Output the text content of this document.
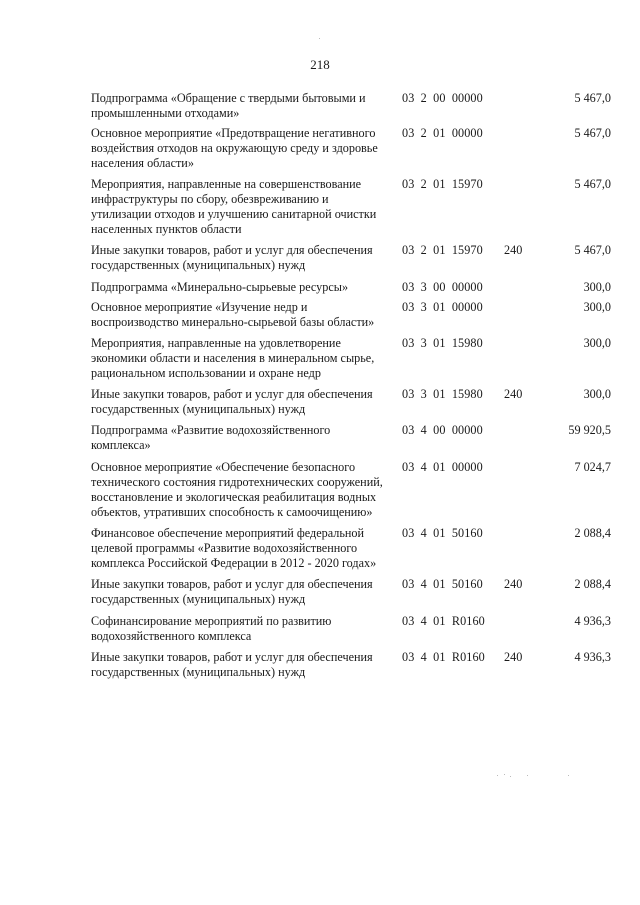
218
Подпрограмма «Обращение с твердыми бытовыми и промышленными отходами»
03  2  00  00000	5 467,0
Основное мероприятие «Предотвращение негативного воздействия отходов на окружающую среду и здоровье населения области»
03  2  01  00000	5 467,0
Мероприятия, направленные на совершенствование инфраструктуры по сбору, обезвреживанию и утилизации отходов и улучшению санитарной очистки населенных пунктов области
03  2  01  15970	5 467,0
Иные закупки товаров, работ и услуг для обеспечения государственных (муниципальных) нужд
03  2  01  15970 240	5 467,0
Подпрограмма «Минерально-сырьевые ресурсы»	03  3  00  00000	300,0
Основное мероприятие «Изучение недр и воспроизводство минерально-сырьевой базы области»
03  3  01  00000	300,0
Мероприятия, направленные на удовлетворение экономики области и населения в минеральном сырье, рациональном использовании и охране недр
03  3  01  15980	300,0
Иные закупки товаров, работ и услуг для обеспечения государственных (муниципальных) нужд
03  3  01  15980 240	300,0
Подпрограмма «Развитие водохозяйственного комплекса»
03  4  00  00000	59 920,5
Основное мероприятие «Обеспечение безопасного технического состояния гидротехнических сооружений, восстановление и экологическая реабилитация водных объектов, утративших способность к самоочищению»
03  4  01  00000	7 024,7
Финансовое обеспечение мероприятий федеральной целевой программы «Развитие водохозяйственного комплекса Российской Федерации в 2012 - 2020 годах»
03  4  01  50160	2 088,4
Иные закупки товаров, работ и услуг для обеспечения государственных (муниципальных) нужд
03  4  01  50160 240	2 088,4
Софинансирование мероприятий по развитию водохозяйственного комплекса
03  4  01  R0160	4 936,3
Иные закупки товаров, работ и услуг для обеспечения государственных (муниципальных) нужд
03  4  01  R0160 240	4 936,3
